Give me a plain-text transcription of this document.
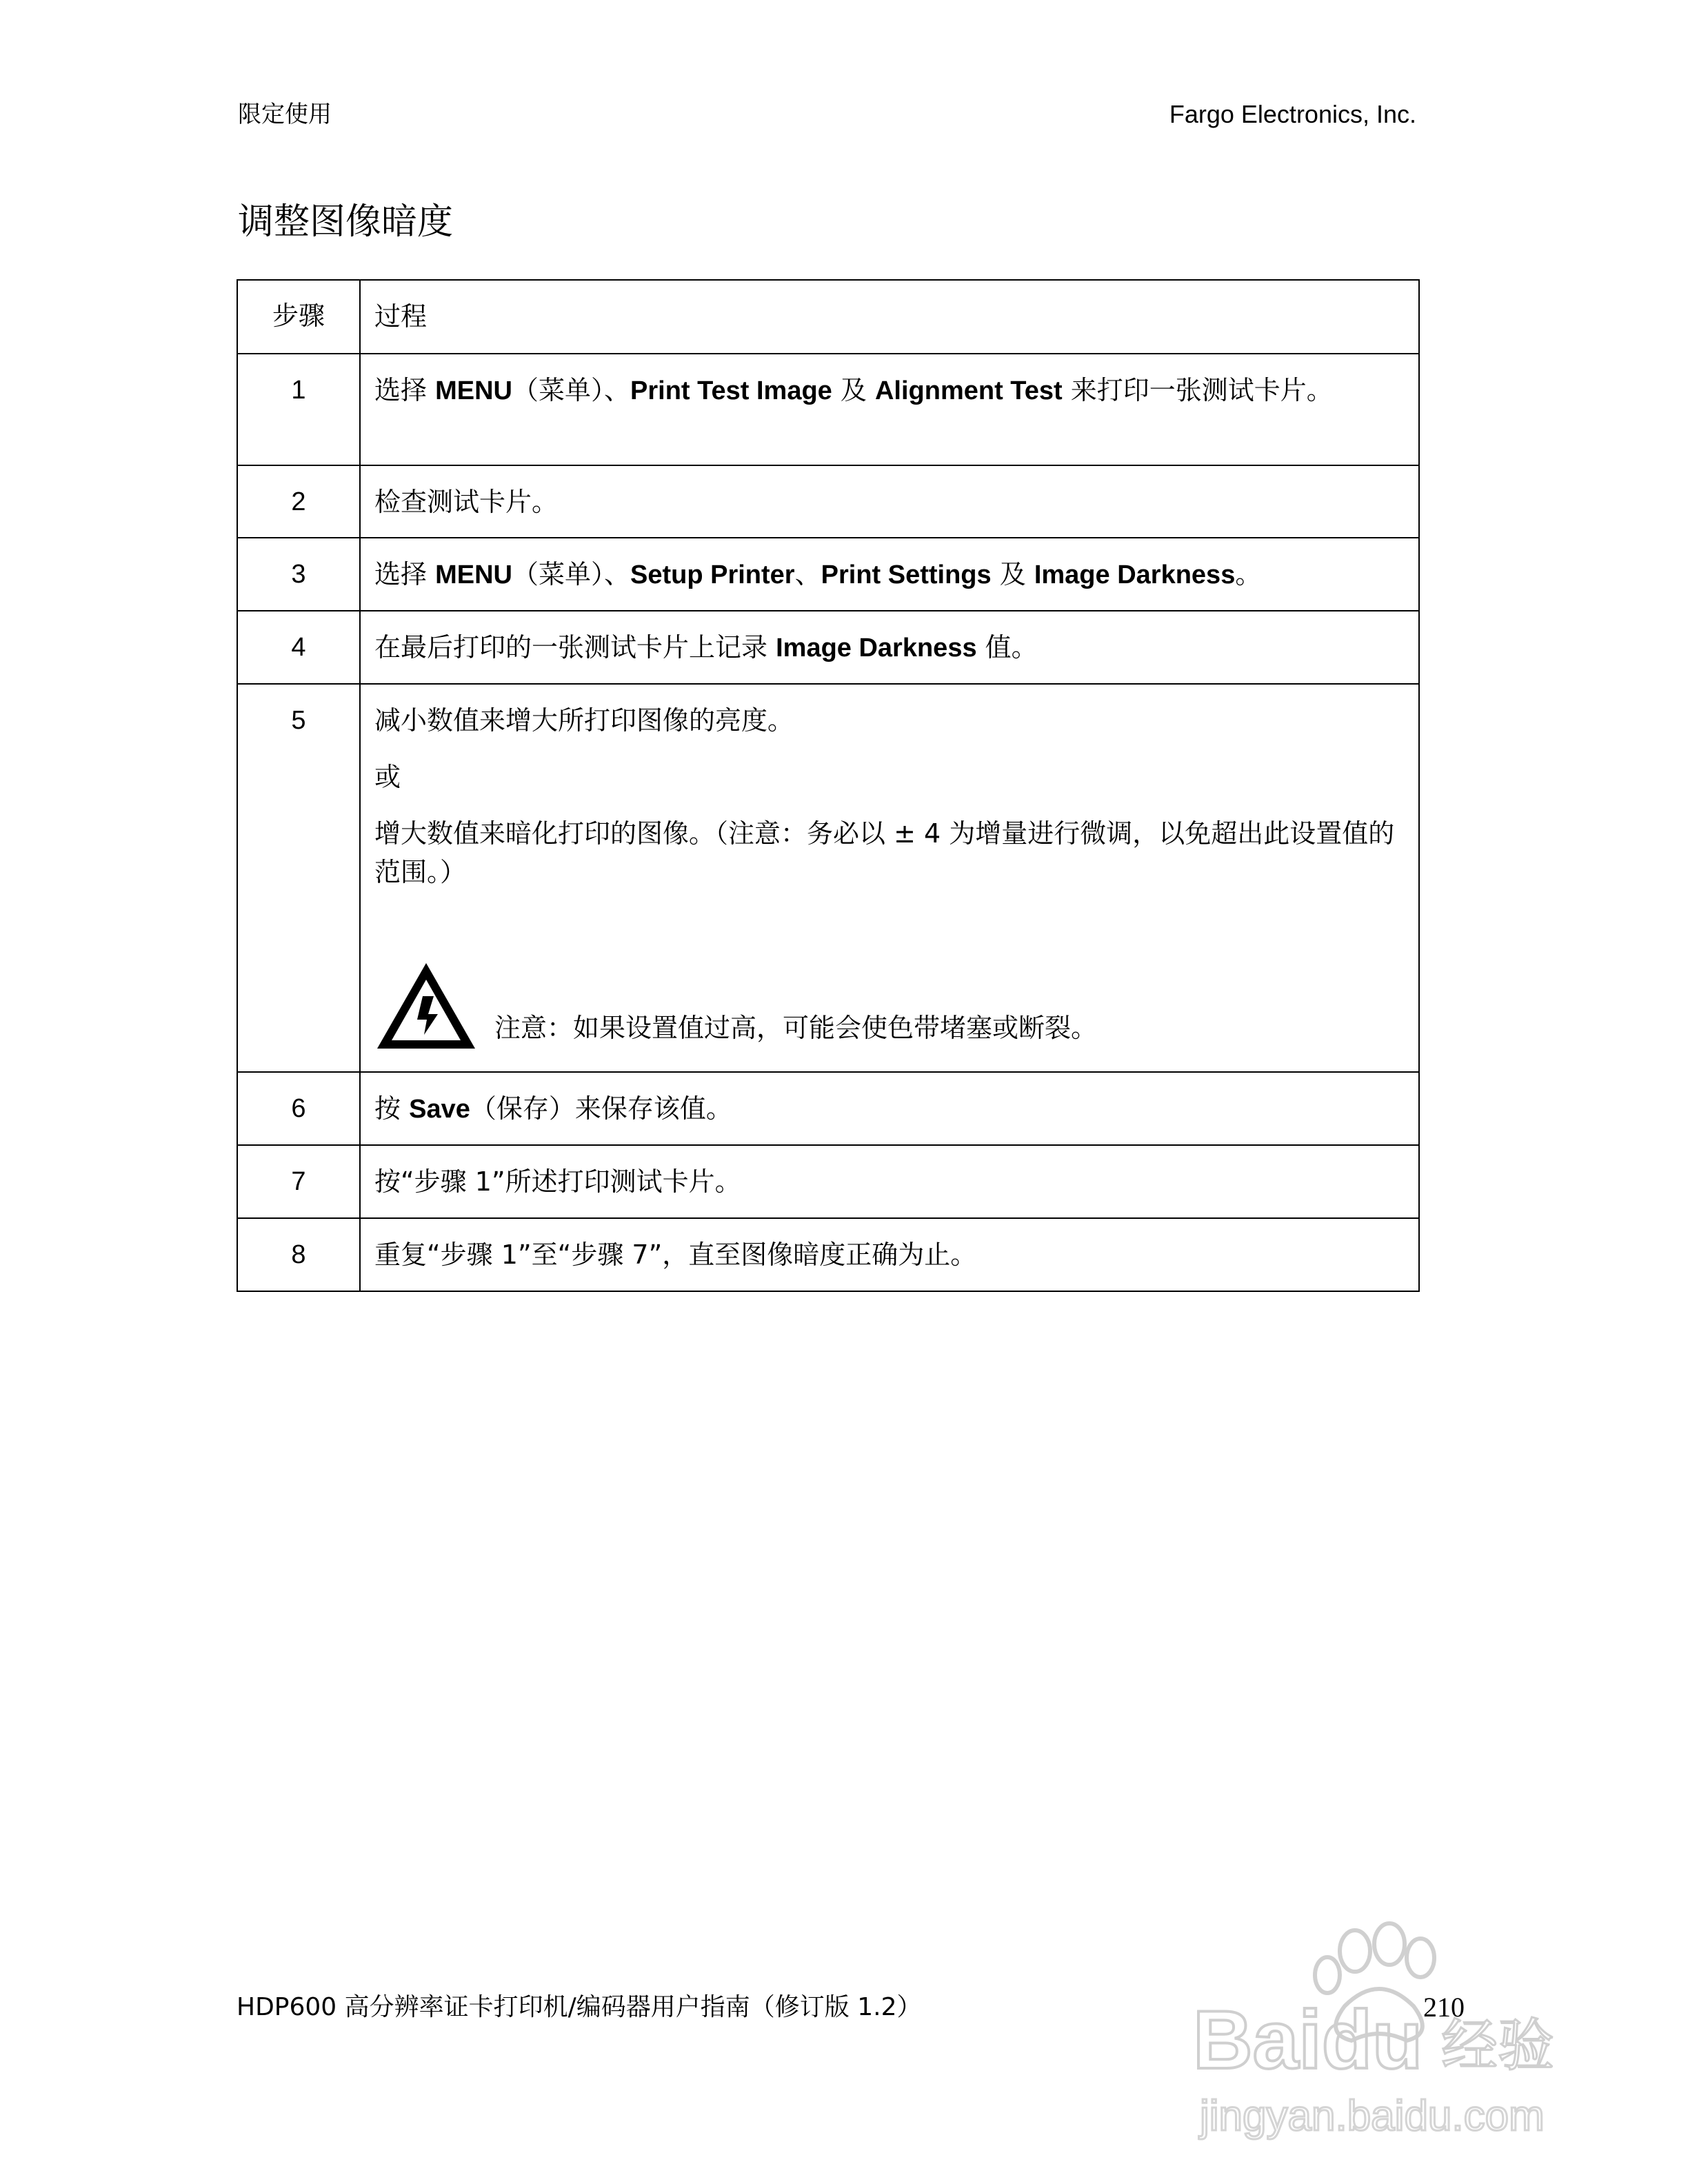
限定使用	Fargo Electronics, Inc.
调整图像暗度
步骤	过程
1	选择 MENU（菜单）、Print Test Image 及 Alignment Test 来打印一张测试卡片。
2	检查测试卡片。
3	选择 MENU（菜单）、Setup Printer、Print Settings 及 Image Darkness。
4	在最后打印的一张测试卡片上记录 Image Darkness 值。
5	减小数值来增大所打印图像的亮度。
或
增大数值来暗化打印的图像。（注意：务必以 ± 4 为增量进行微调，以免超出此设置值的范围。）
注意：如果设置值过高，可能会使色带堵塞或断裂。

6	按 Save（保存）来保存该值。
7	按“步骤 1”所述打印测试卡片。
8	重复“步骤 1”至“步骤 7”，直至图像暗度正确为止。
HDP600 高分辨率证卡打印机/编码器用户指南（修订版 1.2）	210
Baidu 经验
jingyan.baidu.com
